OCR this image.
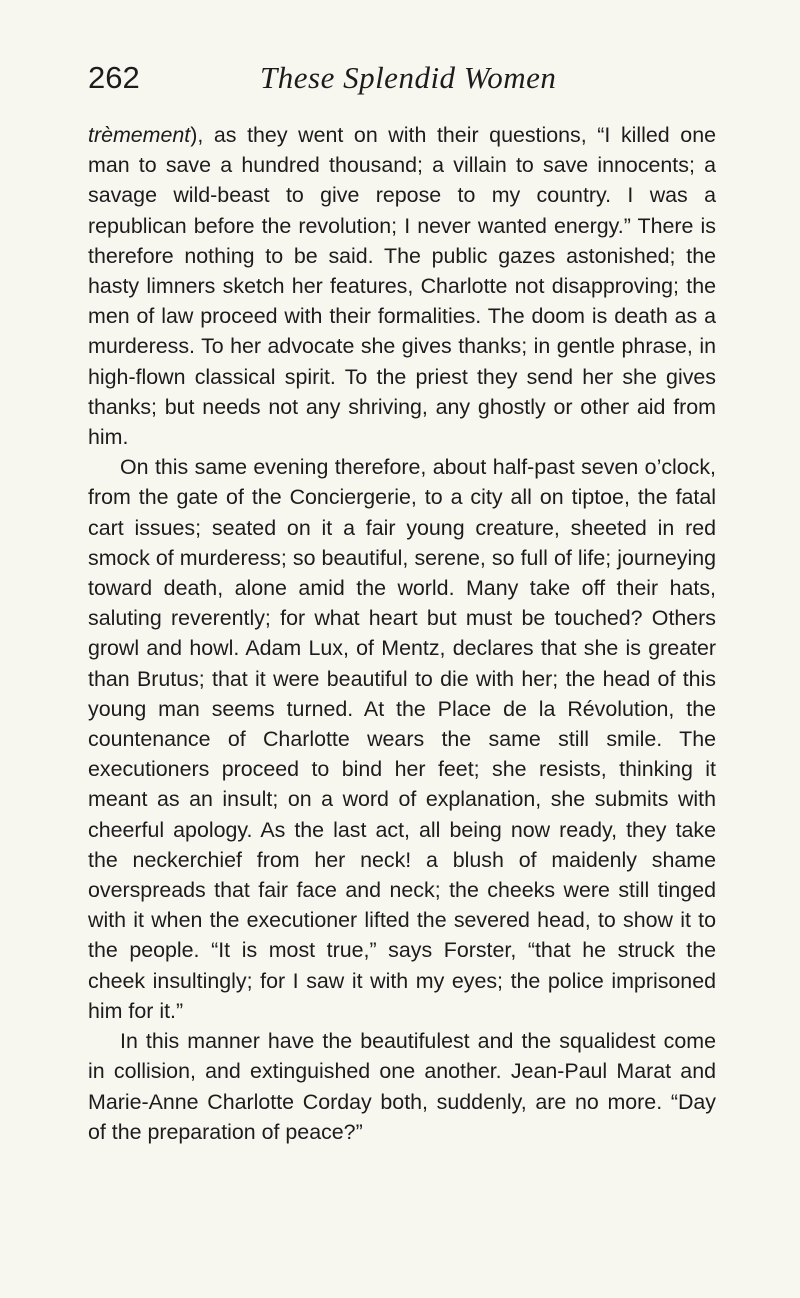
262	These Splendid Women

trèmement), as they went on with their questions, “I killed one man to save a hundred thousand; a villain to save innocents; a savage wild-beast to give repose to my country. I was a republican before the revolution; I never wanted energy.” There is therefore nothing to be said. The public gazes astonished; the hasty limners sketch her features, Charlotte not disapproving; the men of law proceed with their formalities. The doom is death as a murderess. To her advocate she gives thanks; in gentle phrase, in high-flown classical spirit. To the priest they send her she gives thanks; but needs not any shriving, any ghostly or other aid from him.

On this same evening therefore, about half-past seven o’clock, from the gate of the Conciergerie, to a city all on tiptoe, the fatal cart issues; seated on it a fair young creature, sheeted in red smock of murderess; so beautiful, serene, so full of life; journeying toward death, alone amid the world. Many take off their hats, saluting reverently; for what heart but must be touched? Others growl and howl. Adam Lux, of Mentz, declares that she is greater than Brutus; that it were beautiful to die with her; the head of this young man seems turned. At the Place de la Révolution, the countenance of Charlotte wears the same still smile. The executioners proceed to bind her feet; she resists, thinking it meant as an insult; on a word of explanation, she submits with cheerful apology. As the last act, all being now ready, they take the neckerchief from her neck! a blush of maidenly shame overspreads that fair face and neck; the cheeks were still tinged with it when the executioner lifted the severed head, to show it to the people. “It is most true,” says Forster, “that he struck the cheek insultingly; for I saw it with my eyes; the police imprisoned him for it.”

In this manner have the beautifulest and the squalidest come in collision, and extinguished one another. Jean-Paul Marat and Marie-Anne Charlotte Corday both, suddenly, are no more. “Day of the preparation of peace?”
